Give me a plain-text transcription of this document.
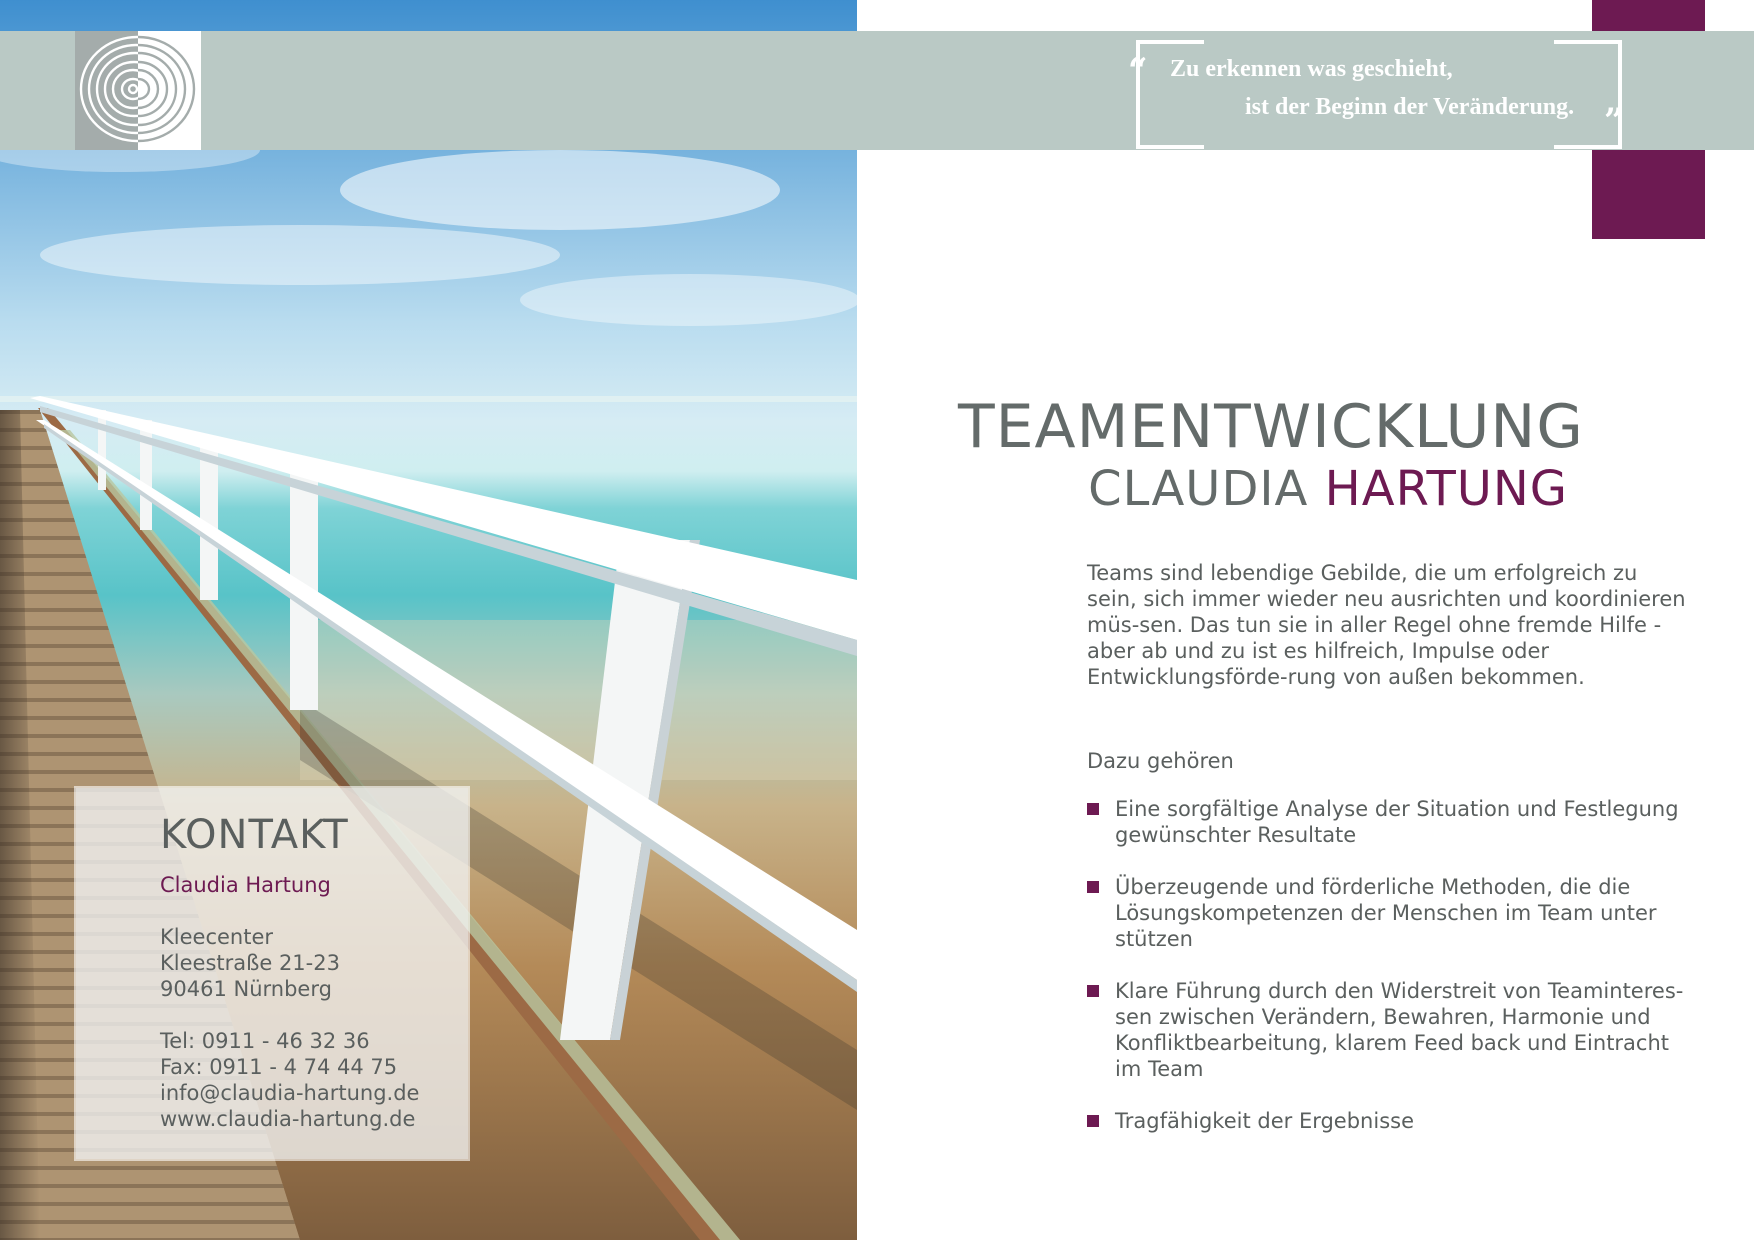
“ Zu erkennen was geschieht,
ist der Beginn der Veränderung. ”
TEAMENTWICKLUNG
CLAUDIA HARTUNG

Teams sind lebendige Gebilde, die um erfolgreich zu sein, sich immer wieder neu ausrichten und koordinieren müs-sen. Das tun sie in aller Regel ohne fremde Hilfe - aber ab und zu ist es hilfreich, Impulse oder Entwicklungsförde-rung von außen bekommen.

Dazu gehören
Eine sorgfältige Analyse der Situation und Festlegung gewünschter Resultate
Überzeugende und förderliche Methoden, die die Lösungskompetenzen der Menschen im Team unter stützen
Klare Führung durch den Widerstreit von Teaminteres-sen zwischen Verändern, Bewahren, Harmonie und Konfliktbearbeitung, klarem Feed back und Eintracht im Team
Tragfähigkeit der Ergebnisse
KONTAKT
Claudia Hartung
Kleecenter
Kleestraße 21-23
90461 Nürnberg
Tel: 0911 - 46 32 36
Fax: 0911 - 4 74 44 75
info@claudia-hartung.de
www.claudia-hartung.de
